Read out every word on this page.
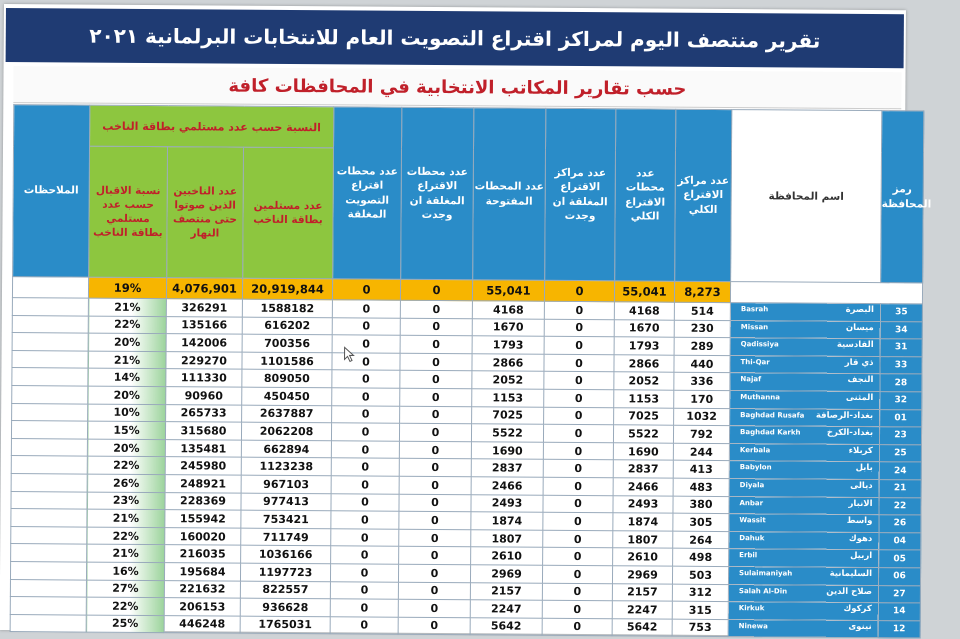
تقرير منتصف اليوم لمراكز اقتراع التصويت العام للانتخابات البرلمانية ٢٠٢١
حسب تقارير المكاتب الانتخابية في المحافظات كافة
الملاحظات	النسبة حسب عدد مستلمي بطاقة الناخب			عدد محطات اقتراع التصويت المغلقة	عدد محطات الاقتراع المغلقة ان وجدت	عدد المحطات المفتوحة	عدد مراكز الاقتراع المغلقة ان وجدت	عدد محطات الاقتراع الكلي	عدد مراكز الاقتراع الكلي	اسم المحافظة	رمز المحافظة
	نسبة الاقبال حسب عدد مستلمي بطاقة الناخب	عدد الناخبين الذين صوتوا حتى منتصف النهار	عدد مستلمين بطاقة الناخب								
	19%	4,076,901	20,919,844	0	0	55,041	0	55,041	8,273		
	21%	326291	1588182	0	0	4168	0	4168	514	Basrah البصرة	35
	22%	135166	616202	0	0	1670	0	1670	230	Missan ميسان	34
	20%	142006	700356	0	0	1793	0	1793	289	Qadissiya القادسية	31
	21%	229270	1101586	0	0	2866	0	2866	440	Thi-Qar ذي قار	33
	14%	111330	809050	0	0	2052	0	2052	336	Najaf النجف	28
	20%	90960	450450	0	0	1153	0	1153	170	Muthanna المثنى	32
	10%	265733	2637887	0	0	7025	0	7025	1032	Baghdad Rusafa بغداد-الرصافة	01
	15%	315680	2062208	0	0	5522	0	5522	792	Baghdad Karkh بغداد-الكرخ	23
	20%	135481	662894	0	0	1690	0	1690	244	Kerbala كربلاء	25
	22%	245980	1123238	0	0	2837	0	2837	413	Babylon بابل	24
	26%	248921	967103	0	0	2466	0	2466	483	Diyala ديالى	21
	23%	228369	977413	0	0	2493	0	2493	380	Anbar الانبار	22
	21%	155942	753421	0	0	1874	0	1874	305	Wassit واسط	26
	22%	160020	711749	0	0	1807	0	1807	264	Dahuk دهوك	04
	21%	216035	1036166	0	0	2610	0	2610	498	Erbil اربيل	05
	16%	195684	1197723	0	0	2969	0	2969	503	Sulaimaniyah السليمانية	06
	27%	221632	822557	0	0	2157	0	2157	312	Salah Al-Din صلاح الدين	27
	22%	206153	936628	0	0	2247	0	2247	315	Kirkuk كركوك	14
	25%	446248	1765031	0	0	5642	0	5642	753	Ninewa نينوى	12
